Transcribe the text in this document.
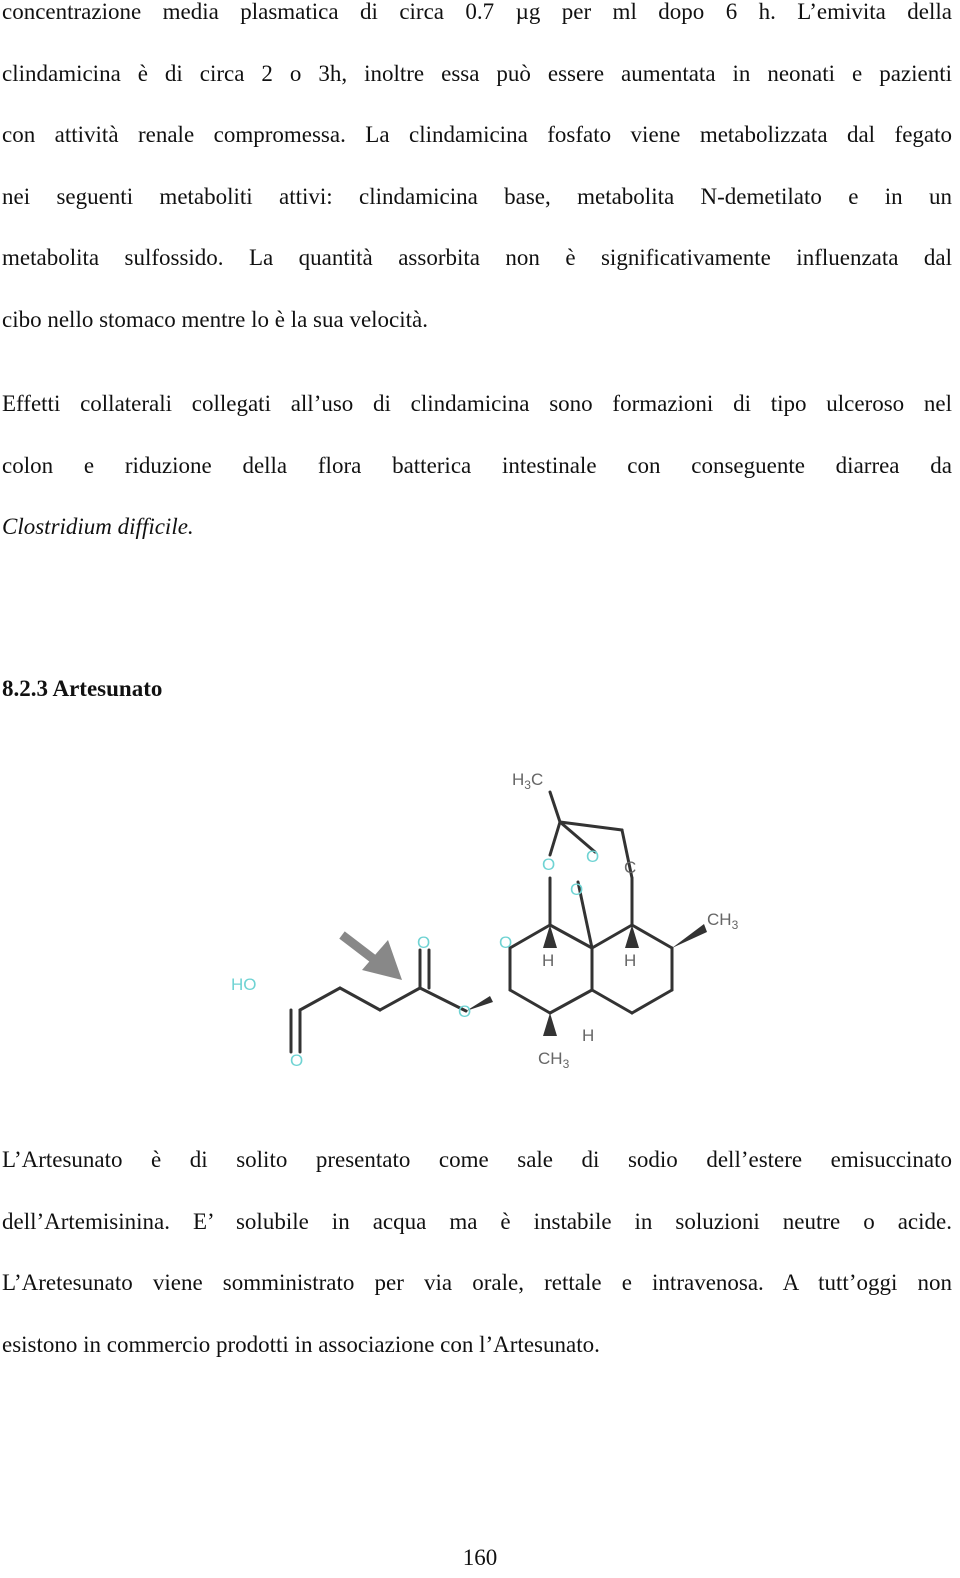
concentrazione media plasmatica di circa 0.7 µg per ml dopo 6 h. L’emivita della
clindamicina è di circa 2 o 3h, inoltre essa può essere aumentata in neonati e pazienti
con attività renale compromessa. La clindamicina fosfato viene metabolizzata dal fegato
nei seguenti metaboliti attivi: clindamicina base, metabolita N-demetilato e in un
metabolita sulfossido. La quantità assorbita non è significativamente influenzata dal
cibo nello stomaco mentre lo è la sua velocità.
Effetti collaterali collegati all’uso di clindamicina sono formazioni di tipo ulceroso nel
colon e riduzione della flora batterica intestinale con conseguente diarrea da
Clostridium difficile.
8.2.3 Artesunato
HO
O
O
O
O
O O
O
C
H	H
H
$H_3C$
$CH_3$
$CH_3$
L’Artesunato è di solito presentato come sale di sodio dell’estere emisuccinato
dell’Artemisinina. E’ solubile in acqua ma è instabile in soluzioni neutre o acide.
L’Aretesunato viene somministrato per via orale, rettale e intravenosa. A tutt’oggi non
esistono in commercio prodotti in associazione con l’Artesunato.

160
